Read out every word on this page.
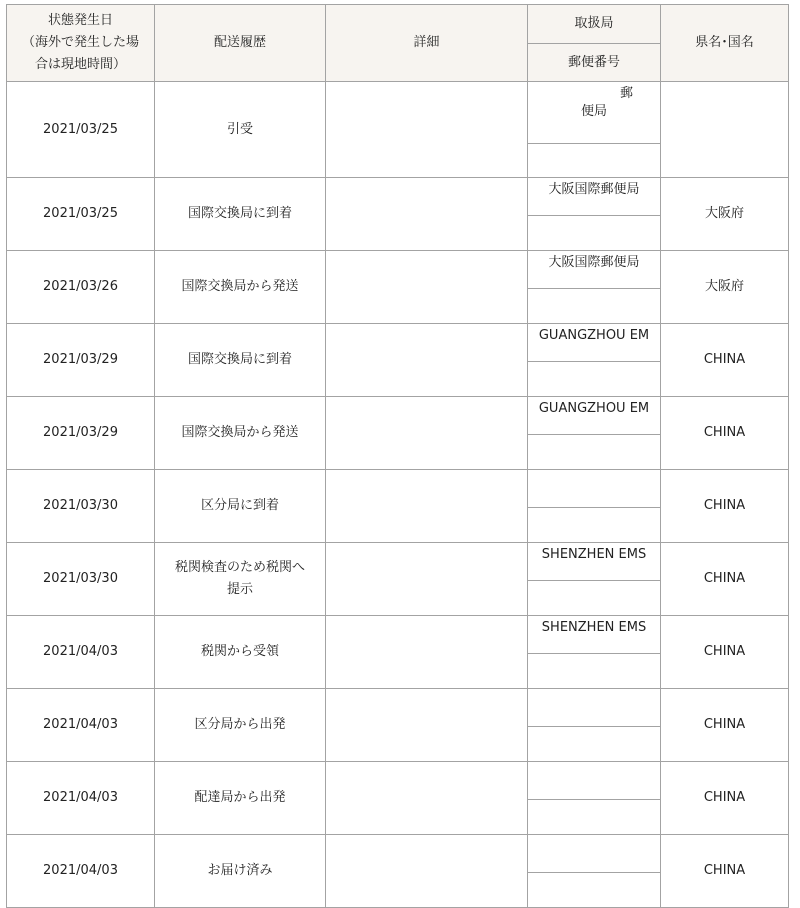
状態発生日
（海外で発生した場
合は現地時間）	配送履歴	詳細	取扱局	県名･国名
			郵便番号	
2021/03/25	引受		　　　　　郵
便局	

2021/03/25	国際交換局に到着		大阪国際郵便局	大阪府

2021/03/26	国際交換局から発送		大阪国際郵便局	大阪府

2021/03/29	国際交換局に到着		GUANGZHOU EM	CHINA

2021/03/29	国際交換局から発送		GUANGZHOU EM	CHINA

2021/03/30	区分局に到着			CHINA

2021/03/30	税関検査のため税関へ
提示		SHENZHEN EMS	CHINA

2021/04/03	税関から受領		SHENZHEN EMS	CHINA

2021/04/03	区分局から出発			CHINA

2021/04/03	配達局から出発			CHINA

2021/04/03	お届け済み			CHINA
